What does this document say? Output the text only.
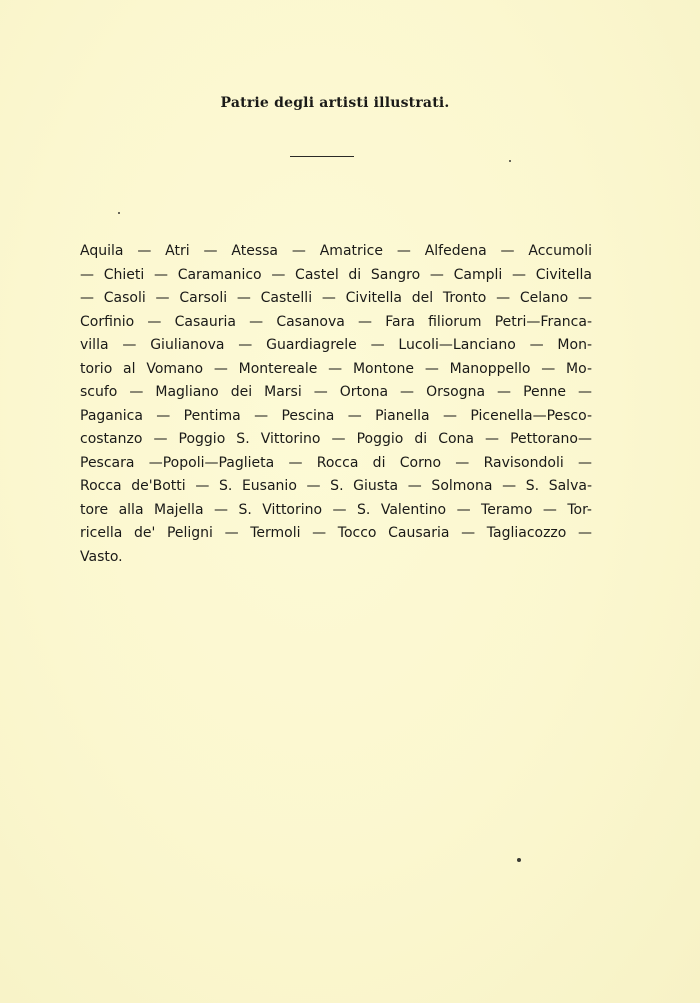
Patrie degli artisti illustrati.
Aquila — Atri — Atessa — Amatrice — Alfedena — Accumoli
— Chieti — Caramanico — Castel di Sangro — Campli — Civitella
— Casoli — Carsoli — Castelli — Civitella del Tronto — Celano —
Corfinio — Casauria — Casanova — Fara filiorum Petri—Franca-
villa — Giulianova — Guardiagrele — Lucoli—Lanciano — Mon-
torio al Vomano — Montereale — Montone — Manoppello — Mo-
scufo — Magliano dei Marsi — Ortona — Orsogna — Penne —
Paganica — Pentima — Pescina — Pianella — Picenella—Pesco-
costanzo — Poggio S. Vittorino — Poggio di Cona — Pettorano—
Pescara —Popoli—Paglieta — Rocca di Corno — Ravisondoli —
Rocca de'Botti — S. Eusanio — S. Giusta — Solmona — S. Salva-
tore alla Majella — S. Vittorino — S. Valentino — Teramo — Tor-
ricella de' Peligni — Termoli — Tocco Causaria — Tagliacozzo —
Vasto.
